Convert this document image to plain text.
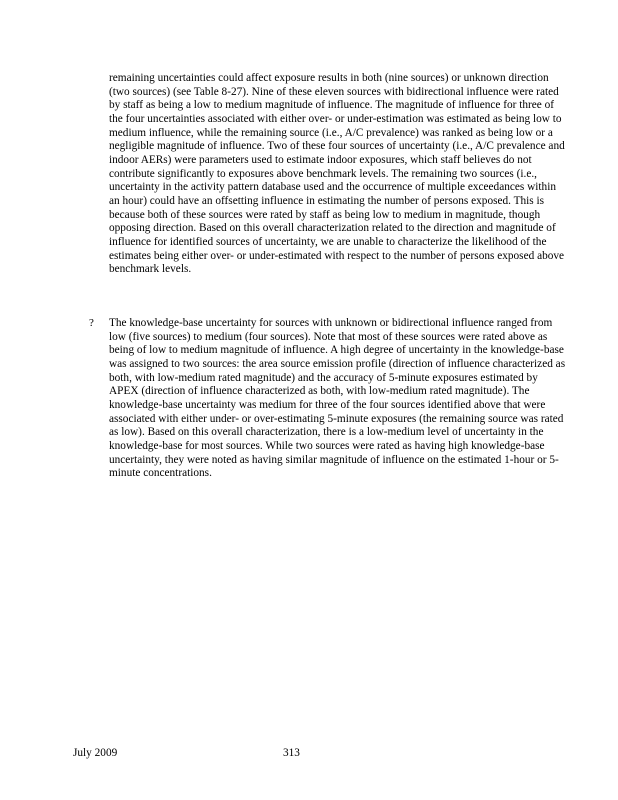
remaining uncertainties could affect exposure results in both (nine sources) or unknown direction (two sources) (see Table 8-27). Nine of these eleven sources with bidirectional influence were rated by staff as being a low to medium magnitude of influence. The magnitude of influence for three of the four uncertainties associated with either over- or under-estimation was estimated as being low to medium influence, while the remaining source (i.e., A/C prevalence) was ranked as being low or a negligible magnitude of influence. Two of these four sources of uncertainty (i.e., A/C prevalence and indoor AERs) were parameters used to estimate indoor exposures, which staff believes do not contribute significantly to exposures above benchmark levels. The remaining two sources (i.e., uncertainty in the activity pattern database used and the occurrence of multiple exceedances within an hour) could have an offsetting influence in estimating the number of persons exposed. This is because both of these sources were rated by staff as being low to medium in magnitude, though opposing direction. Based on this overall characterization related to the direction and magnitude of influence for identified sources of uncertainty, we are unable to characterize the likelihood of the estimates being either over- or under-estimated with respect to the number of persons exposed above benchmark levels.

? The knowledge-base uncertainty for sources with unknown or bidirectional influence ranged from low (five sources) to medium (four sources). Note that most of these sources were rated above as being of low to medium magnitude of influence. A high degree of uncertainty in the knowledge-base was assigned to two sources: the area source emission profile (direction of influence characterized as both, with low-medium rated magnitude) and the accuracy of 5-minute exposures estimated by APEX (direction of influence characterized as both, with low-medium rated magnitude). The knowledge-base uncertainty was medium for three of the four sources identified above that were associated with either under- or over-estimating 5-minute exposures (the remaining source was rated as low). Based on this overall characterization, there is a low-medium level of uncertainty in the knowledge-base for most sources. While two sources were rated as having high knowledge-base uncertainty, they were noted as having similar magnitude of influence on the estimated 1-hour or 5-minute concentrations.

July 2009	313
